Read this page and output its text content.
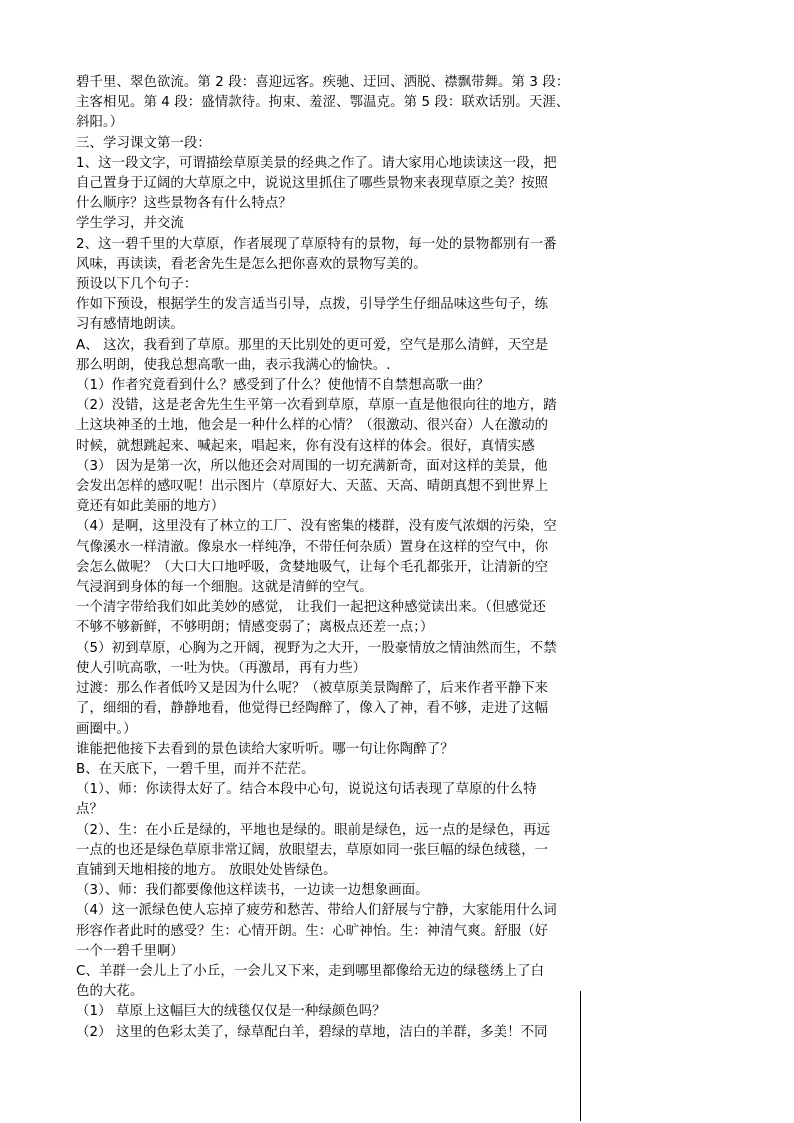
碧千里、翠色欲流。第 2 段：喜迎远客。疾驰、迂回、洒脱、襟飘带舞。第 3 段：
主客相见。第 4 段：盛情款待。拘束、羞涩、鄂温克。第 5 段：联欢话别。天涯、
斜阳。）
三、学习课文第一段：
1、这一段文字，可谓描绘草原美景的经典之作了。请大家用心地读读这一段，把
自己置身于辽阔的大草原之中，说说这里抓住了哪些景物来表现草原之美？按照
什么顺序？这些景物各有什么特点？
学生学习，并交流
2、这一碧千里的大草原，作者展现了草原特有的景物，每一处的景物都别有一番
风味，再读读，看老舍先生是怎么把你喜欢的景物写美的。
预设以下几个句子：
作如下预设，根据学生的发言适当引导，点拨，引导学生仔细品味这些句子，练
习有感情地朗读。
A、 这次，我看到了草原。那里的天比别处的更可爱，空气是那么清鲜，天空是
那么明朗，使我总想高歌一曲，表示我满心的愉快。.
（1）作者究竟看到什么？感受到了什么？使他情不自禁想高歌一曲？
（2）没错，这是老舍先生生平第一次看到草原，草原一直是他很向往的地方，踏
上这块神圣的土地，他会是一种什么样的心情？（很激动、很兴奋）人在激动的
时候，就想跳起来、喊起来，唱起来，你有没有这样的体会。很好，真情实感
（3） 因为是第一次，所以他还会对周围的一切充满新奇，面对这样的美景，他
会发出怎样的感叹呢！出示图片（草原好大、天蓝、天高、晴朗真想不到世界上
竟还有如此美丽的地方）
（4）是啊，这里没有了林立的工厂、没有密集的楼群，没有废气浓烟的污染，空
气像溪水一样清澈。像泉水一样纯净，不带任何杂质）置身在这样的空气中，你
会怎么做呢？（大口大口地呼吸，贪婪地吸气，让每个毛孔都张开，让清新的空
气浸润到身体的每一个细胞。这就是清鲜的空气。
一个清字带给我们如此美妙的感觉， 让我们一起把这种感觉读出来。（但感觉还
不够不够新鲜，不够明朗；情感变弱了；离极点还差一点；）
（5）初到草原，心胸为之开阔，视野为之大开，一股豪情放之情油然而生，不禁
使人引吭高歌，一吐为快。（再激昂，再有力些）
过渡：那么作者低吟又是因为什么呢？（被草原美景陶醉了，后来作者平静下来
了，细细的看，静静地看，他觉得已经陶醉了，像入了神，看不够，走进了这幅
画圈中。）
谁能把他接下去看到的景色读给大家听听。哪一句让你陶醉了？
B、在天底下，一碧千里，而并不茫茫。
（1）、师：你读得太好了。结合本段中心句，说说这句话表现了草原的什么特
点？
（2）、生：在小丘是绿的，平地也是绿的。眼前是绿色，远一点的是绿色，再远
一点的也还是绿色草原非常辽阔，放眼望去，草原如同一张巨幅的绿色绒毯，一
直铺到天地相接的地方。 放眼处处皆绿色。
（3）、师：我们都要像他这样读书，一边读一边想象画面。
（4）这一派绿色使人忘掉了疲劳和愁苦、带给人们舒展与宁静，大家能用什么词
形容作者此时的感受？生：心情开朗。生：心旷神怡。生：神清气爽。舒服（好
一个一碧千里啊）
C、羊群一会儿上了小丘，一会儿又下来，走到哪里都像给无边的绿毯绣上了白
色的大花。
（1） 草原上这幅巨大的绒毯仅仅是一种绿颜色吗？
（2） 这里的色彩太美了，绿草配白羊，碧绿的草地，洁白的羊群，多美！不同
